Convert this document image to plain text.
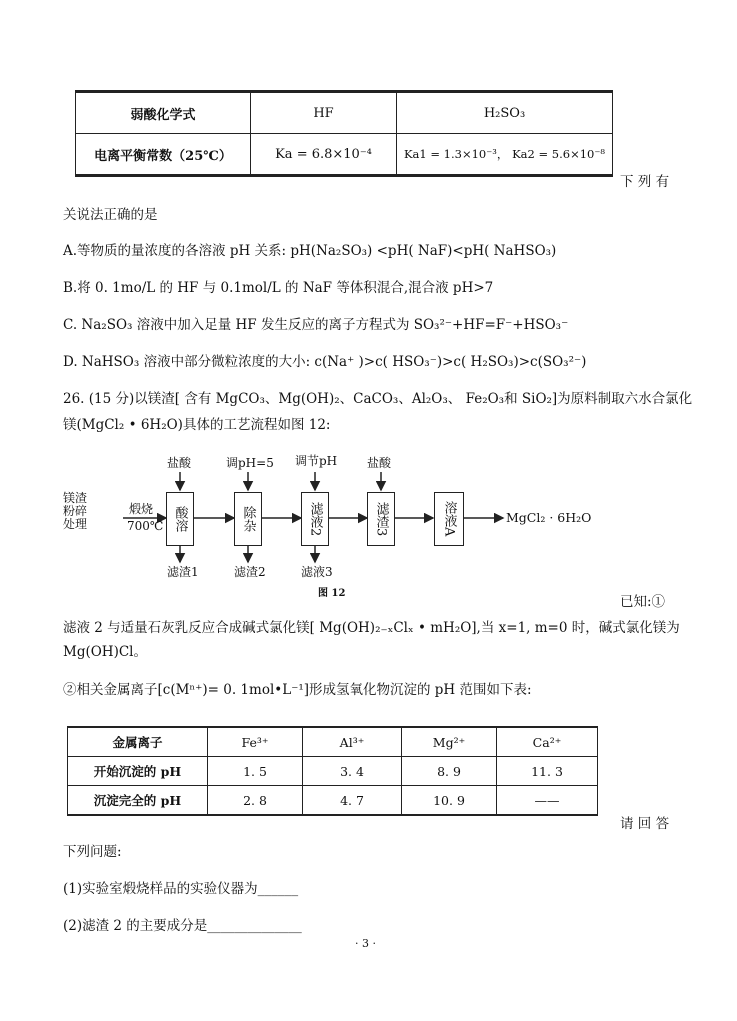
弱酸化学式	HF	H₂SO₃
电离平衡常数（25℃）	Ka = 6.8×10⁻⁴	Ka1 = 1.3×10⁻³， Ka2 = 5.6×10⁻⁸
下 列 有
关说法正确的是
A.等物质的量浓度的各溶液 pH 关系: pH(Na₂SO₃) <pH( NaF)<pH( NaHSO₃)
B.将 0. 1mo/L 的 HF 与 0.1mol/L 的 NaF 等体积混合,混合液 pH>7
C. Na₂SO₃ 溶液中加入足量 HF 发生反应的离子方程式为 SO₃²⁻+HF=F⁻+HSO₃⁻
D. NaHSO₃ 溶液中部分微粒浓度的大小: c(Na⁺ )>c( HSO₃⁻)>c( H₂SO₃)>c(SO₃²⁻)
26. (15 分)以镁渣[ 含有 MgCO₃、Mg(OH)₂、CaCO₃、Al₂O₃、 Fe₂O₃和 SiO₂]为原料制取六水合氯化
镁(MgCl₂ • 6H₂O)具体的工艺流程如图 12:
镁渣
粉碎
处理
煅烧
700℃
盐酸	调pH=5 调节pH 盐酸
酸溶	除杂	滤液2	滤渣3	溶液A
滤渣1	滤渣2	滤液3
MgCl₂ · 6H₂O
图 12
已知:①
滤液 2 与适量石灰乳反应合成碱式氯化镁[ Mg(OH)₂₋ₓClₓ • mH₂O],当 x=1, m=0 时，碱式氯化镁为
Mg(OH)Cl。
②相关金属离子[c(Mⁿ⁺)= 0. 1mol•L⁻¹]形成氢氧化物沉淀的 pH 范围如下表:
金属离子	Fe³⁺	Al³⁺	Mg²⁺	Ca²⁺
开始沉淀的 pH	1. 5	3. 4	8. 9	11. 3
沉淀完全的 pH	2. 8	4. 7	10. 9	——
请 回 答
下列问题:
(1)实验室煅烧样品的实验仪器为______
(2)滤渣 2 的主要成分是______________
· 3 ·
